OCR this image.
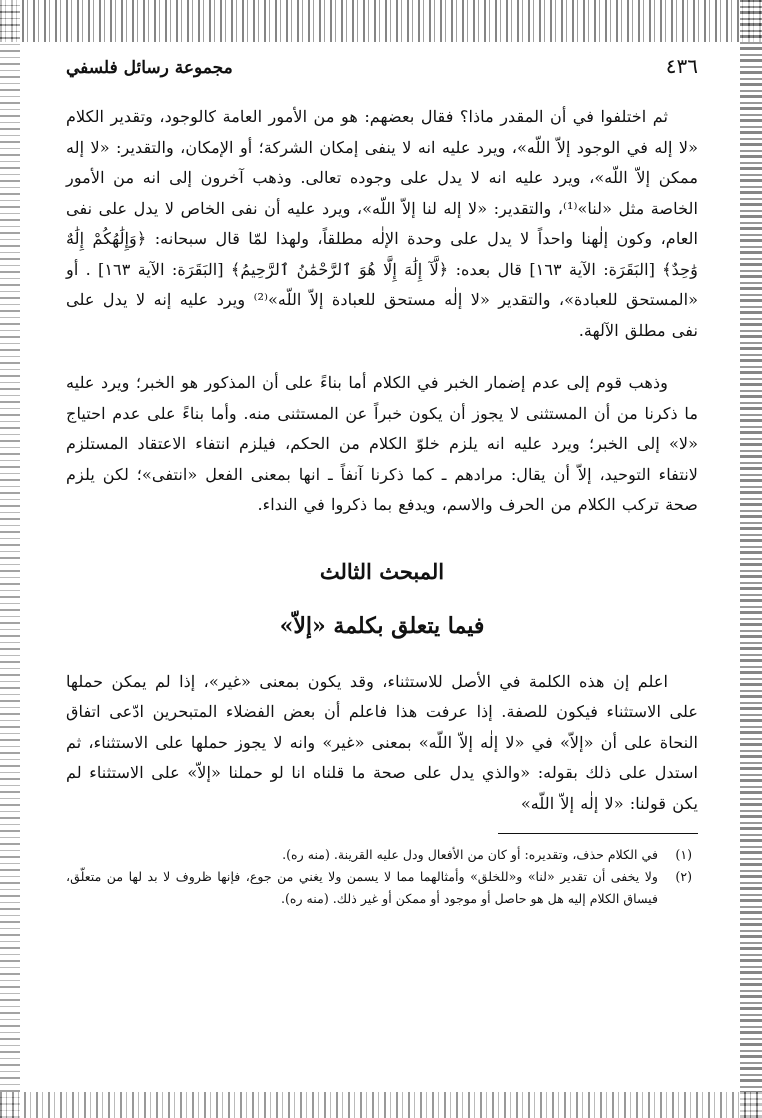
٤٣٦
مجموعة رسائل فلسفي

ثم اختلفوا في أن المقدر ماذا؟ فقال بعضهم: هو من الأمور العامة كالوجود، وتقدير الكلام «لا إله في الوجود إلاّ اللّه»، ويرد عليه انه لا ينفى إمكان الشركة؛ أو الإمكان، والتقدير: «لا إله ممكن إلاّ اللّه»، ويرد عليه انه لا يدل على وجوده تعالى. وذهب آخرون إلى انه من الأمور الخاصة مثل «لنا»⁽¹⁾، والتقدير: «لا إله لنا إلاّ اللّه»، ويرد عليه أن نفى الخاص لا يدل على نفى العام، وكون إلٰهنا واحداً لا يدل على وحدة الإلٰه مطلقاً، ولهذا لمّا قال سبحانه: ﴿وَإِلَٰهُكُمْ إِلَٰهٌ وَٰحِدٌ﴾ [البَقَرَة: الآية ١٦٣] قال بعده: ﴿لَّآ إِلَٰهَ إِلَّا هُوَ ٱلرَّحْمَٰنُ ٱلرَّحِيمُ﴾ [البَقَرَة: الآية ١٦٣] . أو «المستحق للعبادة»، والتقدير «لا إلٰه مستحق للعبادة إلاّ اللّه»⁽²⁾ ويرد عليه إنه لا يدل على نفى مطلق الآلهة.

وذهب قوم إلى عدم إضمار الخبر في الكلام أما بناءً على أن المذكور هو الخبر؛ ويرد عليه ما ذكرنا من أن المستثنى لا يجوز أن يكون خبراً عن المستثنى منه. وأما بناءً على عدم احتياج «لا» إلى الخبر؛ ويرد عليه انه يلزم خلوّ الكلام من الحكم، فيلزم انتفاء الاعتقاد المستلزم لانتفاء التوحيد، إلاّ أن يقال: مرادهم ـ كما ذكرنا آنفاً ـ انها بمعنى الفعل «انتفى»؛ لكن يلزم صحة تركب الكلام من الحرف والاسم، ويدفع بما ذكروا في النداء.

المبحث الثالث
فيما يتعلق بكلمة «إلاّ»

اعلم إن هذه الكلمة في الأصل للاستثناء، وقد يكون بمعنى «غير»، إذا لم يمكن حملها على الاستثناء فيكون للصفة. إذا عرفت هذا فاعلم أن بعض الفضلاء المتبحرين ادّعى اتفاق النحاة على أن «إلاّ» في «لا إلٰه إلاّ اللّه» بمعنى «غير» وانه لا يجوز حملها على الاستثناء، ثم استدل على ذلك بقوله: «والذي يدل على صحة ما قلناه انا لو حملنا «إلاّ» على الاستثناء لم يكن قولنا: «لا إلٰه إلاّ اللّه»

(١)
في الكلام حذف، وتقديره: أو كان من الأفعال ودل عليه القرينة. (منه ره).
(٢)
ولا يخفى أن تقدير «لنا» و«للخلق» وأمثالهما مما لا يسمن ولا يغني من جوع، فإنها ظروف لا بد لها من متعلّق، فيساق الكلام إليه هل هو حاصل أو موجود أو ممكن أو غير ذلك. (منه ره).
